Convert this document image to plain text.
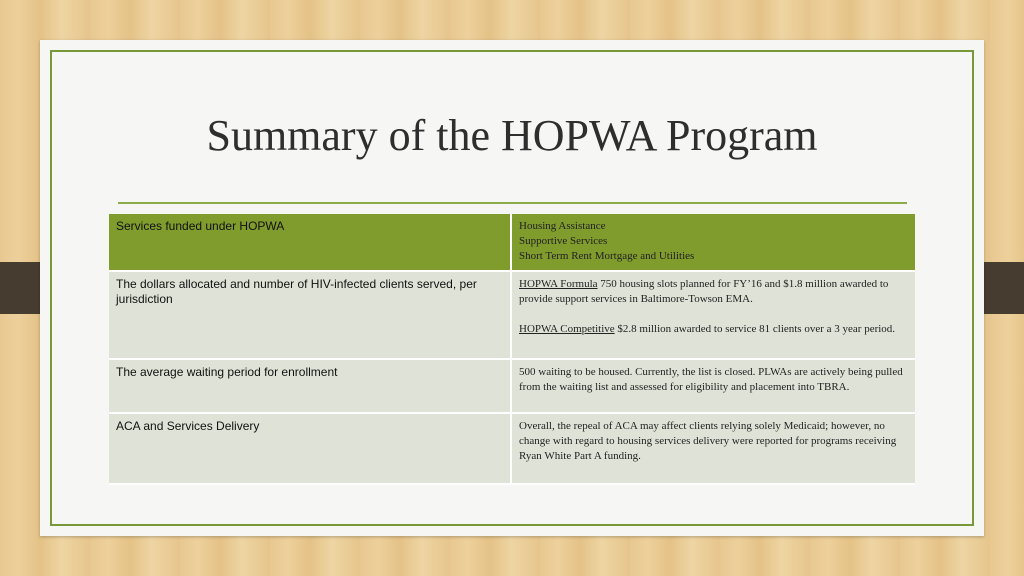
Summary of the HOPWA Program
Services funded under HOPWA	Housing Assistance
Supportive Services
Short Term Rent Mortgage and Utilities

The dollars allocated and number of HIV-infected clients served, per jurisdiction	HOPWA Formula 750 housing slots planned for FY’16 and $1.8 million awarded to provide support services in Baltimore-Towson EMA.
HOPWA Competitive $2.8 million awarded to service 81 clients over a 3 year period.

The average waiting period for enrollment	500 waiting to be housed. Currently, the list is closed. PLWAs are actively being pulled from the waiting list and assessed for eligibility and placement into TBRA.
ACA and Services Delivery	Overall, the repeal of ACA may affect clients relying solely Medicaid; however, no change with regard to housing services delivery were reported for programs receiving Ryan White Part A funding.
